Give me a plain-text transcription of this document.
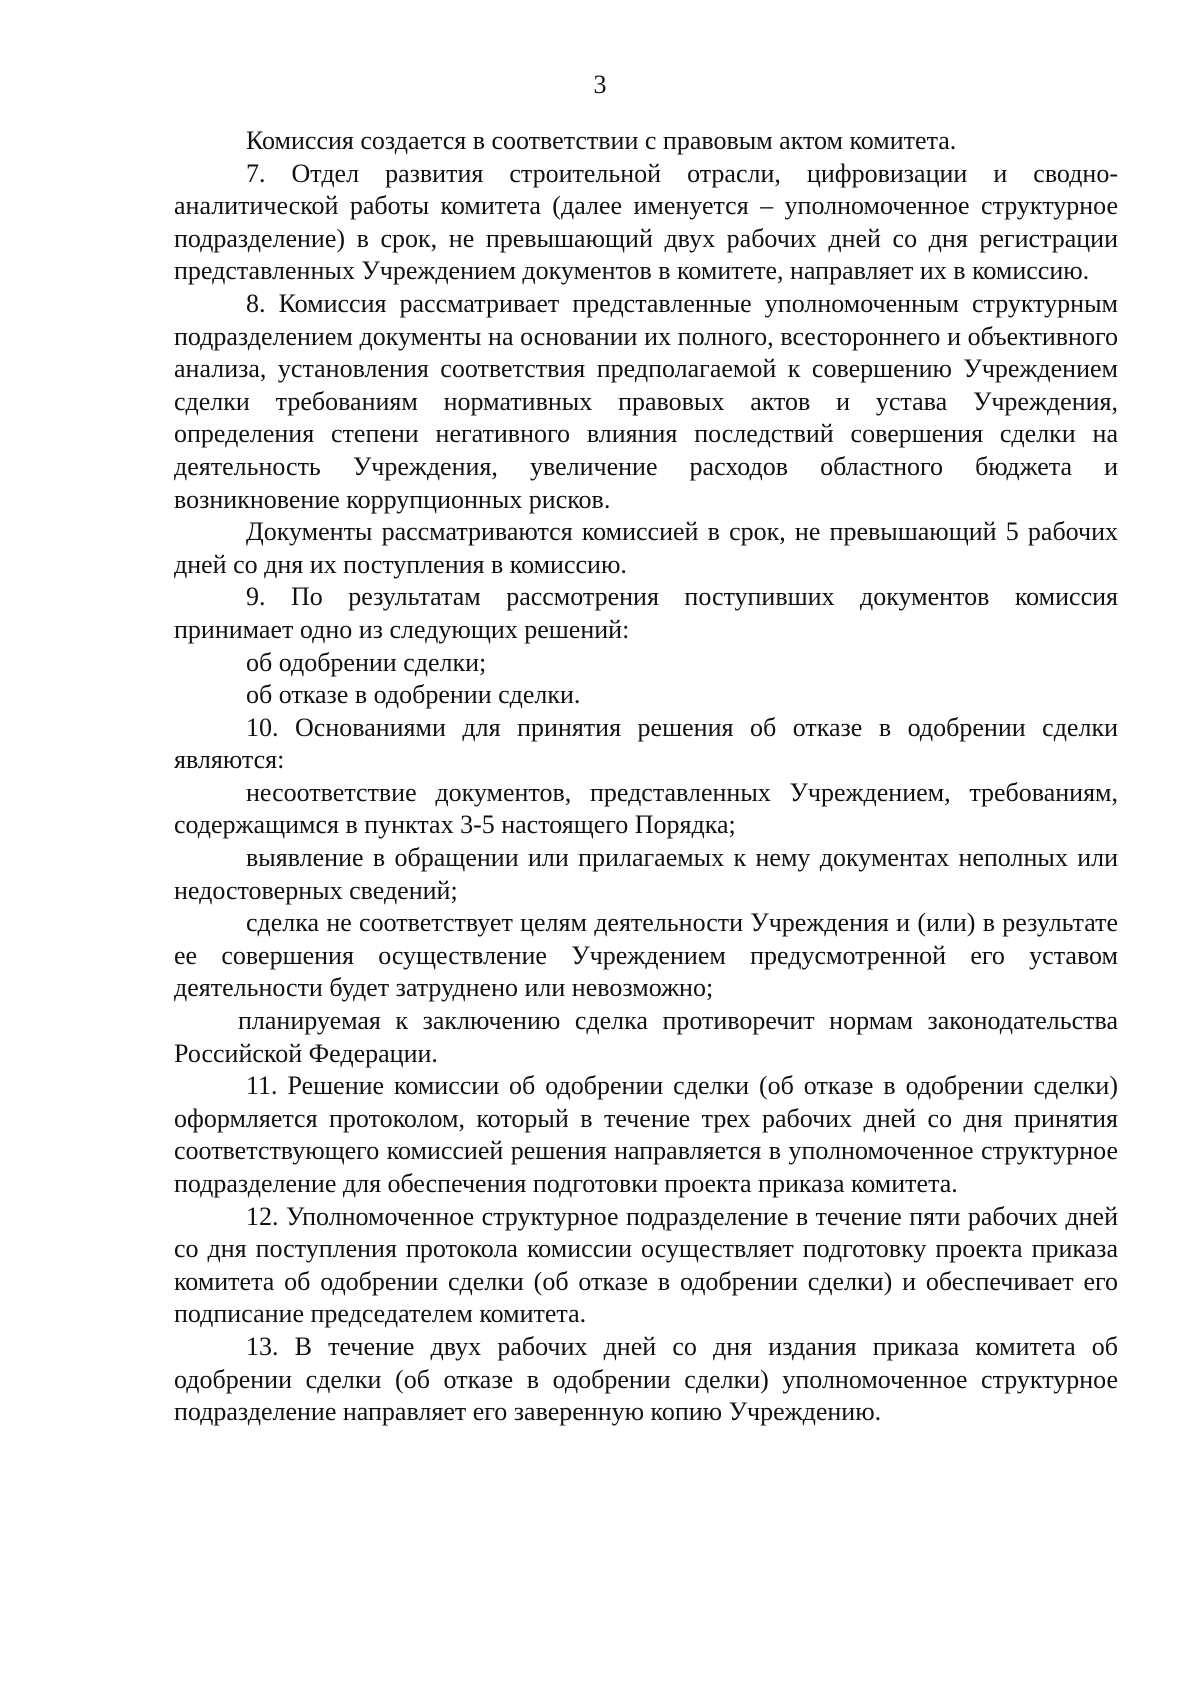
3

Комиссия создается в соответствии с правовым актом комитета.

7. Отдел развития строительной отрасли, цифровизации и сводно-аналитической работы комитета (далее именуется – уполномоченное структурное подразделение) в срок, не превышающий двух рабочих дней со дня регистрации представленных Учреждением документов в комитете, направляет их в комиссию.

8. Комиссия рассматривает представленные уполномоченным структурным подразделением документы на основании их полного, всестороннего и объективного анализа, установления соответствия предполагаемой к совершению Учреждением сделки требованиям нормативных правовых актов и устава Учреждения, определения степени негативного влияния последствий совершения сделки на деятельность Учреждения, увеличение расходов областного бюджета и возникновение коррупционных рисков.

Документы рассматриваются комиссией в срок, не превышающий 5 рабочих дней со дня их поступления в комиссию.

9. По результатам рассмотрения поступивших документов комиссия принимает одно из следующих решений:

об одобрении сделки;

об отказе в одобрении сделки.

10. Основаниями для принятия решения об отказе в одобрении сделки являются:

несоответствие документов, представленных Учреждением, требованиям, содержащимся в пунктах 3-5 настоящего Порядка;

выявление в обращении или прилагаемых к нему документах неполных или недостоверных сведений;

сделка не соответствует целям деятельности Учреждения и (или) в результате ее совершения осуществление Учреждением предусмотренной его уставом деятельности будет затруднено или невозможно;

планируемая к заключению сделка противоречит нормам законодательства Российской Федерации.

11. Решение комиссии об одобрении сделки (об отказе в одобрении сделки) оформляется протоколом, который в течение трех рабочих дней со дня принятия соответствующего комиссией решения направляется в уполномоченное структурное подразделение для обеспечения подготовки проекта приказа комитета.

12. Уполномоченное структурное подразделение в течение пяти рабочих дней со дня поступления протокола комиссии осуществляет подготовку проекта приказа комитета об одобрении сделки (об отказе в одобрении сделки) и обеспечивает его подписание председателем комитета.

13. В течение двух рабочих дней со дня издания приказа комитета об одобрении сделки (об отказе в одобрении сделки) уполномоченное структурное подразделение направляет его заверенную копию Учреждению.
